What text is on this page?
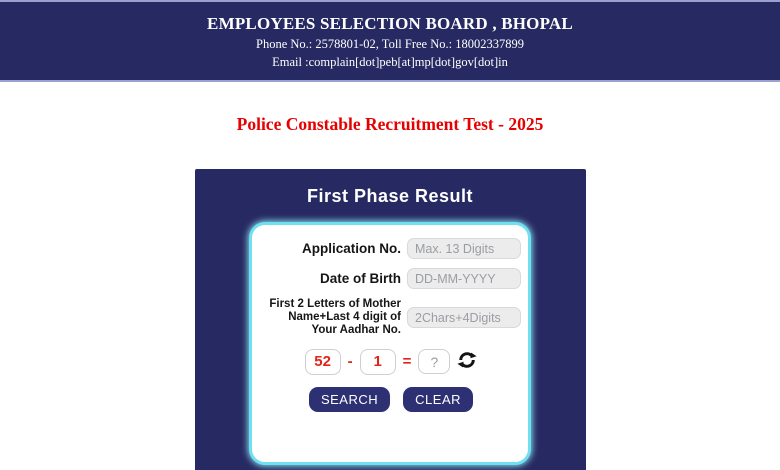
EMPLOYEES SELECTION BOARD , BHOPAL
Phone No.: 2578801-02, Toll Free No.: 18002337899
Email :complain[dot]peb[at]mp[dot]gov[dot]in
Police Constable Recruitment Test - 2025
First Phase Result
Application No.
Max. 13 Digits
Date of Birth
DD-MM-YYYY
First 2 Letters of Mother Name+Last 4 digit of Your Aadhar No.
2Chars+4Digits
52	-	1	=
?
SEARCH	CLEAR
